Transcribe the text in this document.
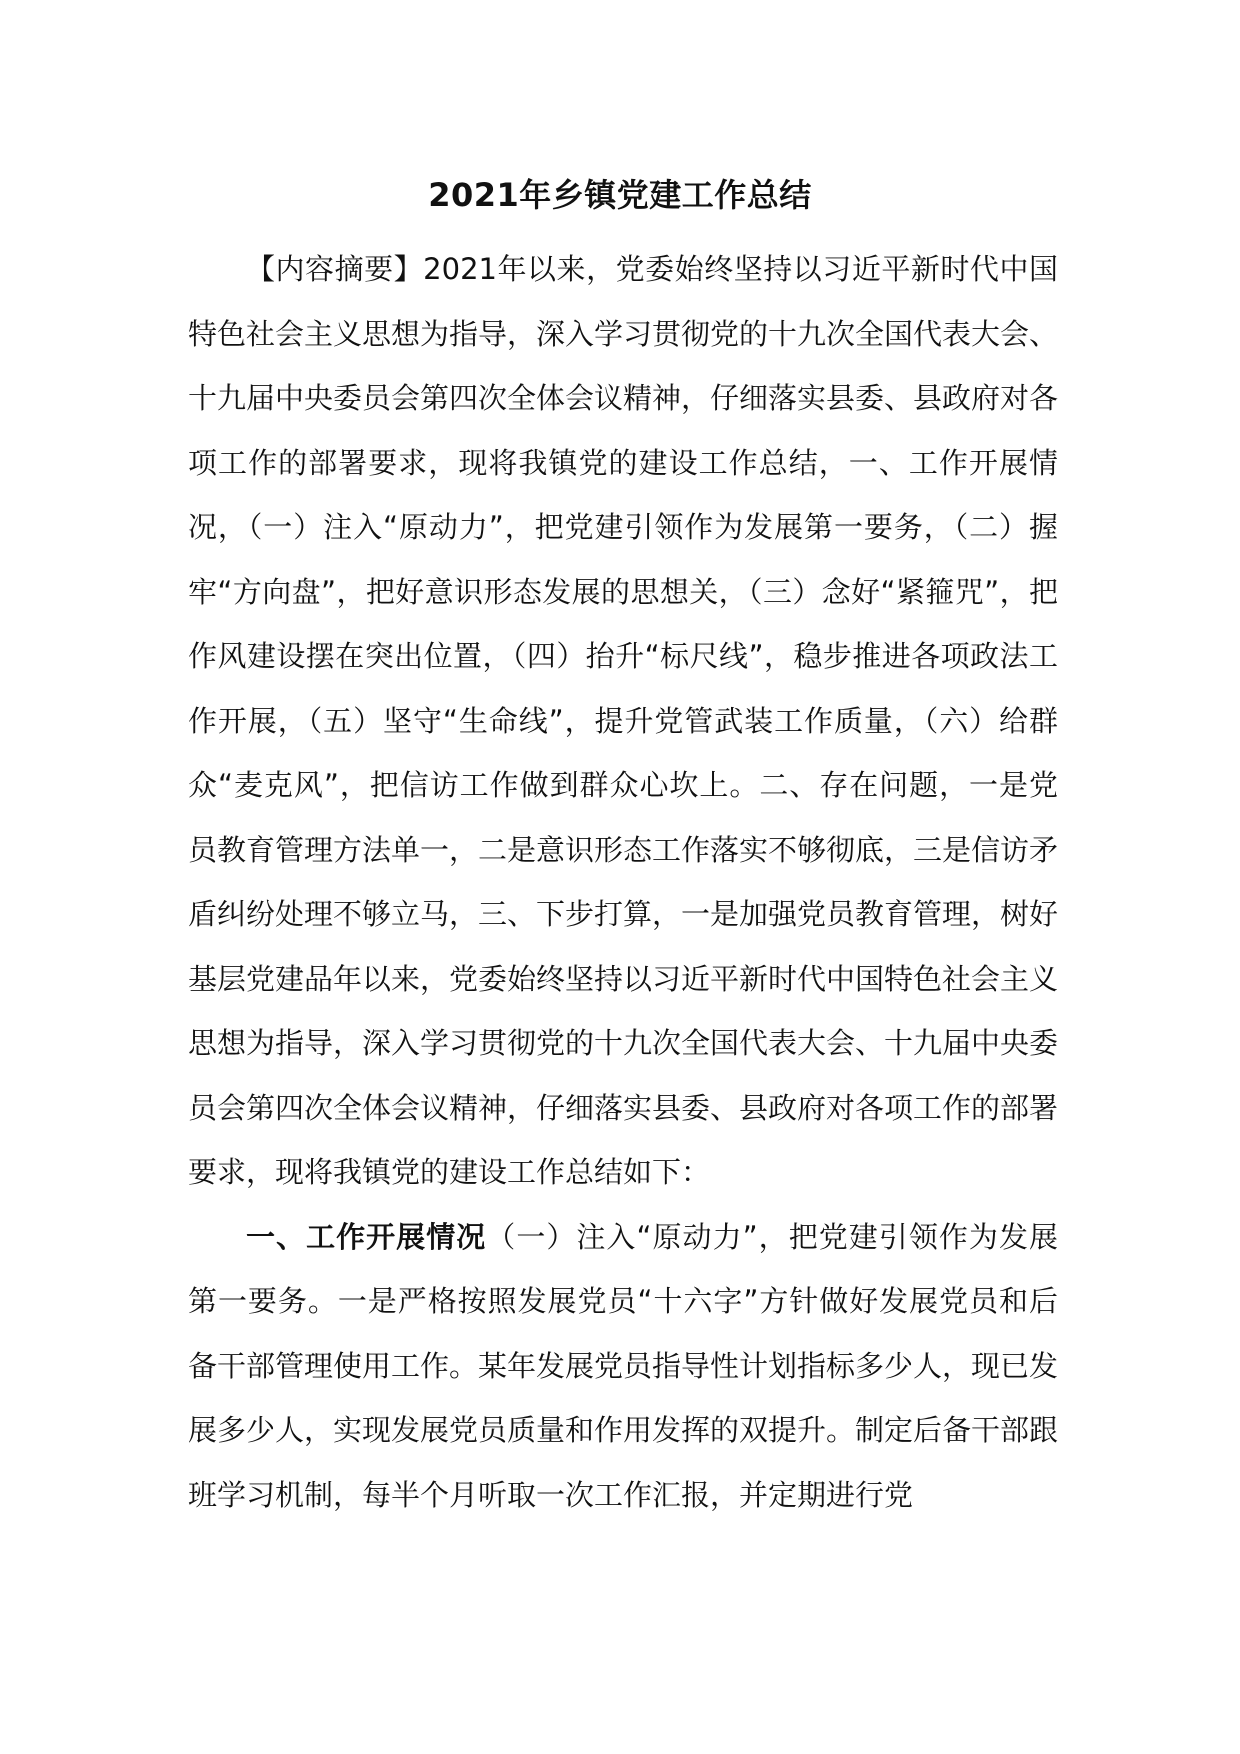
2021年乡镇党建工作总结

【内容摘要】2021年以来，党委始终坚持以习近平新时代中国特色社会主义思想为指导，深入学习贯彻党的十九次全国代表大会、十九届中央委员会第四次全体会议精神，仔细落实县委、县政府对各项工作的部署要求，现将我镇党的建设工作总结，一、工作开展情况，（一）注入“原动力”，把党建引领作为发展第一要务，（二）握牢“方向盘”，把好意识形态发展的思想关，（三）念好“紧箍咒”，把作风建设摆在突出位置，（四）抬升“标尺线”，稳步推进各项政法工作开展，（五）坚守“生命线”，提升党管武装工作质量，（六）给群众“麦克风”，把信访工作做到群众心坎上。二、存在问题，一是党员教育管理方法单一，二是意识形态工作落实不够彻底，三是信访矛盾纠纷处理不够立马，三、下步打算，一是加强党员教育管理，树好基层党建品年以来，党委始终坚持以习近平新时代中国特色社会主义思想为指导，深入学习贯彻党的十九次全国代表大会、十九届中央委员会第四次全体会议精神，仔细落实县委、县政府对各项工作的部署要求，现将我镇党的建设工作总结如下：

一、工作开展情况（一）注入“原动力”，把党建引领作为发展第一要务。一是严格按照发展党员“十六字”方针做好发展党员和后备干部管理使用工作。某年发展党员指导性计划指标多少人，现已发展多少人，实现发展党员质量和作用发挥的双提升。制定后备干部跟班学习机制，每半个月听取一次工作汇报，并定期进行党
